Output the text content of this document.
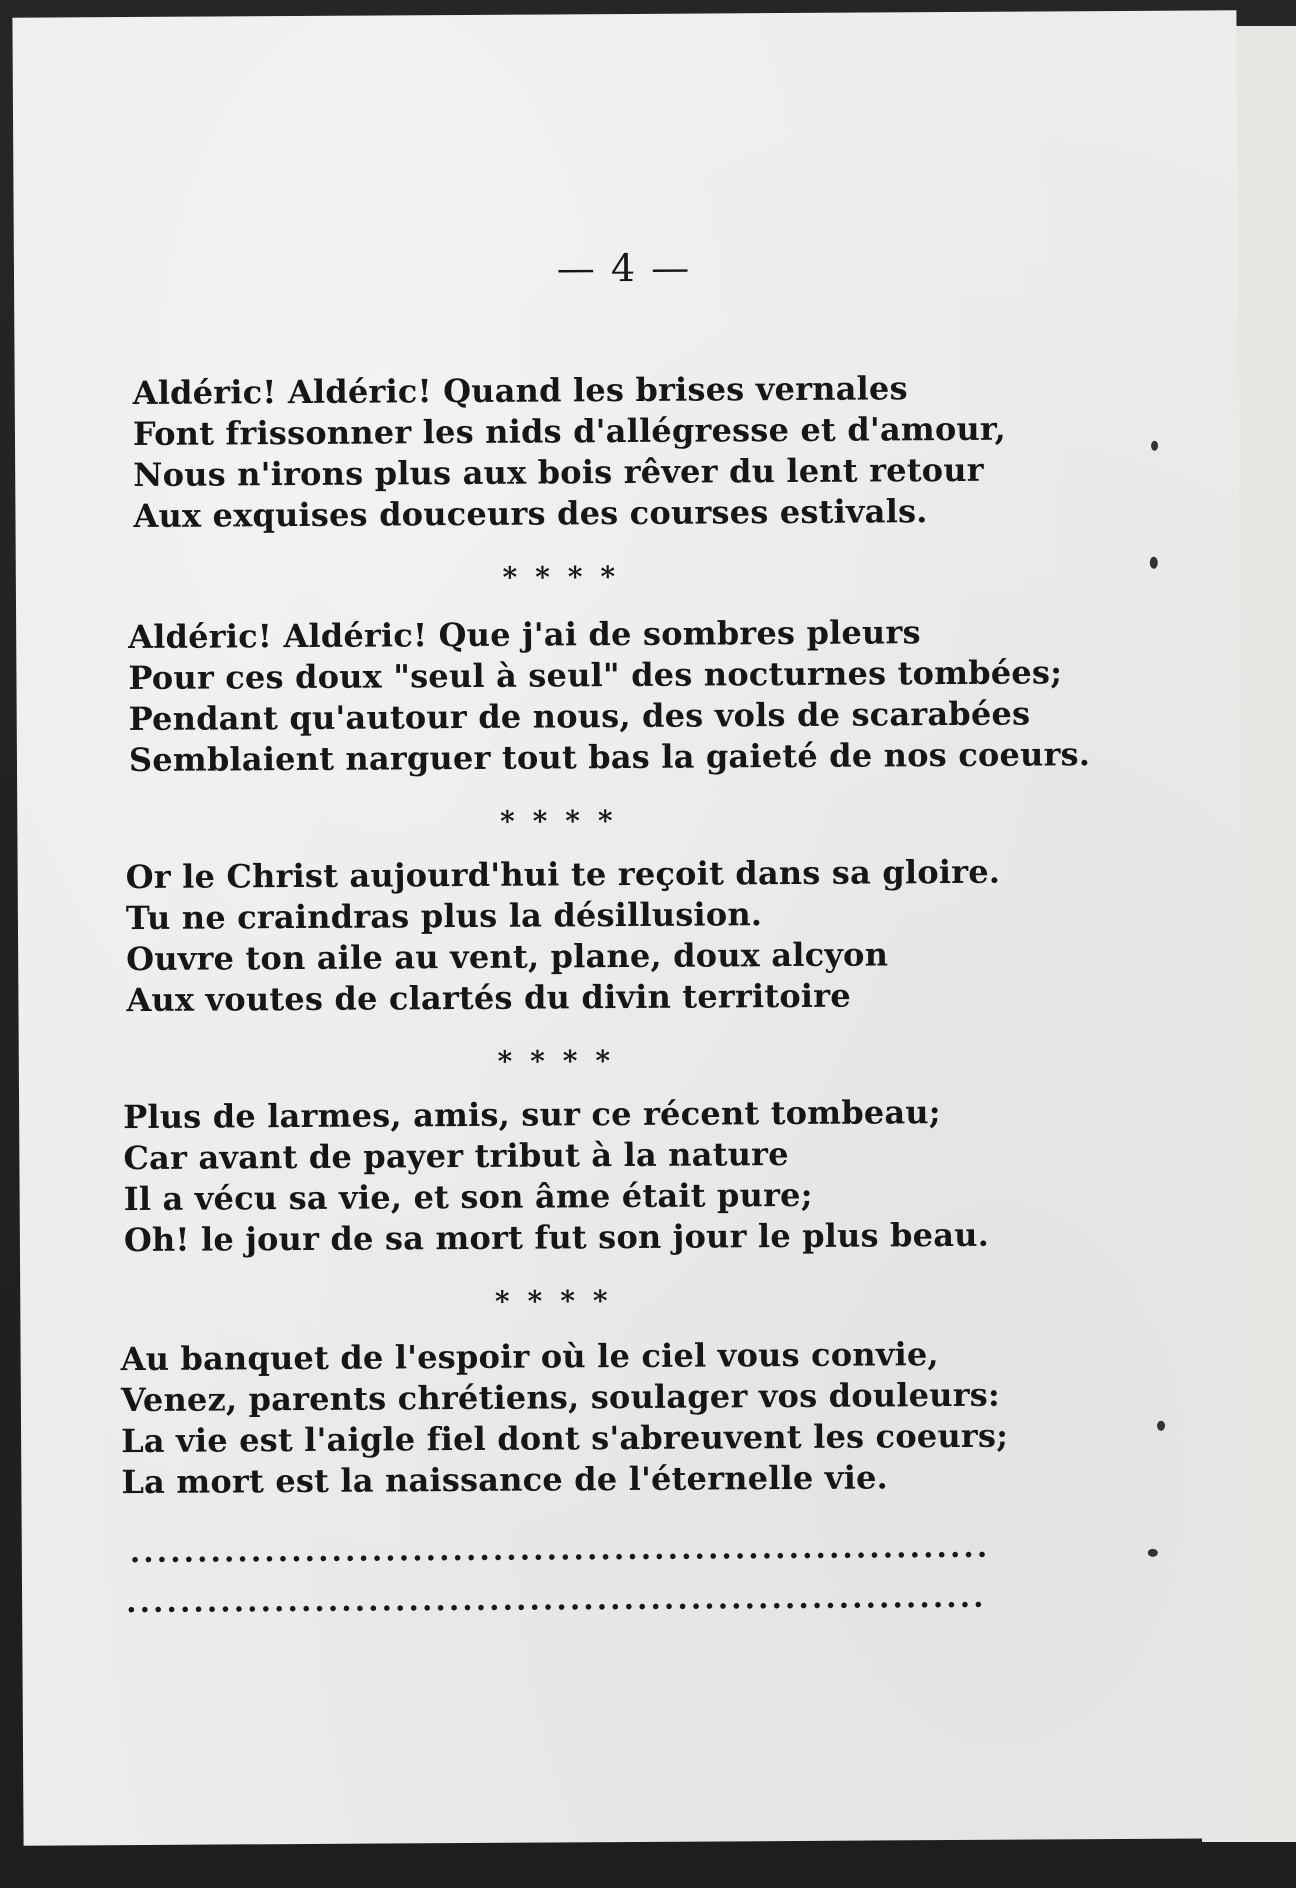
— 4 —
Aldéric! Aldéric! Quand les brises vernales
Font frissonner les nids d'allégresse et d'amour,
Nous n'irons plus aux bois rêver du lent retour
Aux exquises douceurs des courses estivals.
****
Aldéric! Aldéric! Que j'ai de sombres pleurs
Pour ces doux "seul à seul" des nocturnes tombées;
Pendant qu'autour de nous, des vols de scarabées
Semblaient narguer tout bas la gaieté de nos coeurs.
****
Or le Christ aujourd'hui te reçoit dans sa gloire.
Tu ne craindras plus la désillusion.
Ouvre ton aile au vent, plane, doux alcyon
Aux voutes de clartés du divin territoire
****
Plus de larmes, amis, sur ce récent tombeau;
Car avant de payer tribut à la nature
Il a vécu sa vie, et son âme était pure;
Oh! le jour de sa mort fut son jour le plus beau.
****
Au banquet de l'espoir où le ciel vous convie,
Venez, parents chrétiens, soulager vos douleurs:
La vie est l'aigle fiel dont s'abreuvent les coeurs;
La mort est la naissance de l'éternelle vie.
................................................................
................................................................
